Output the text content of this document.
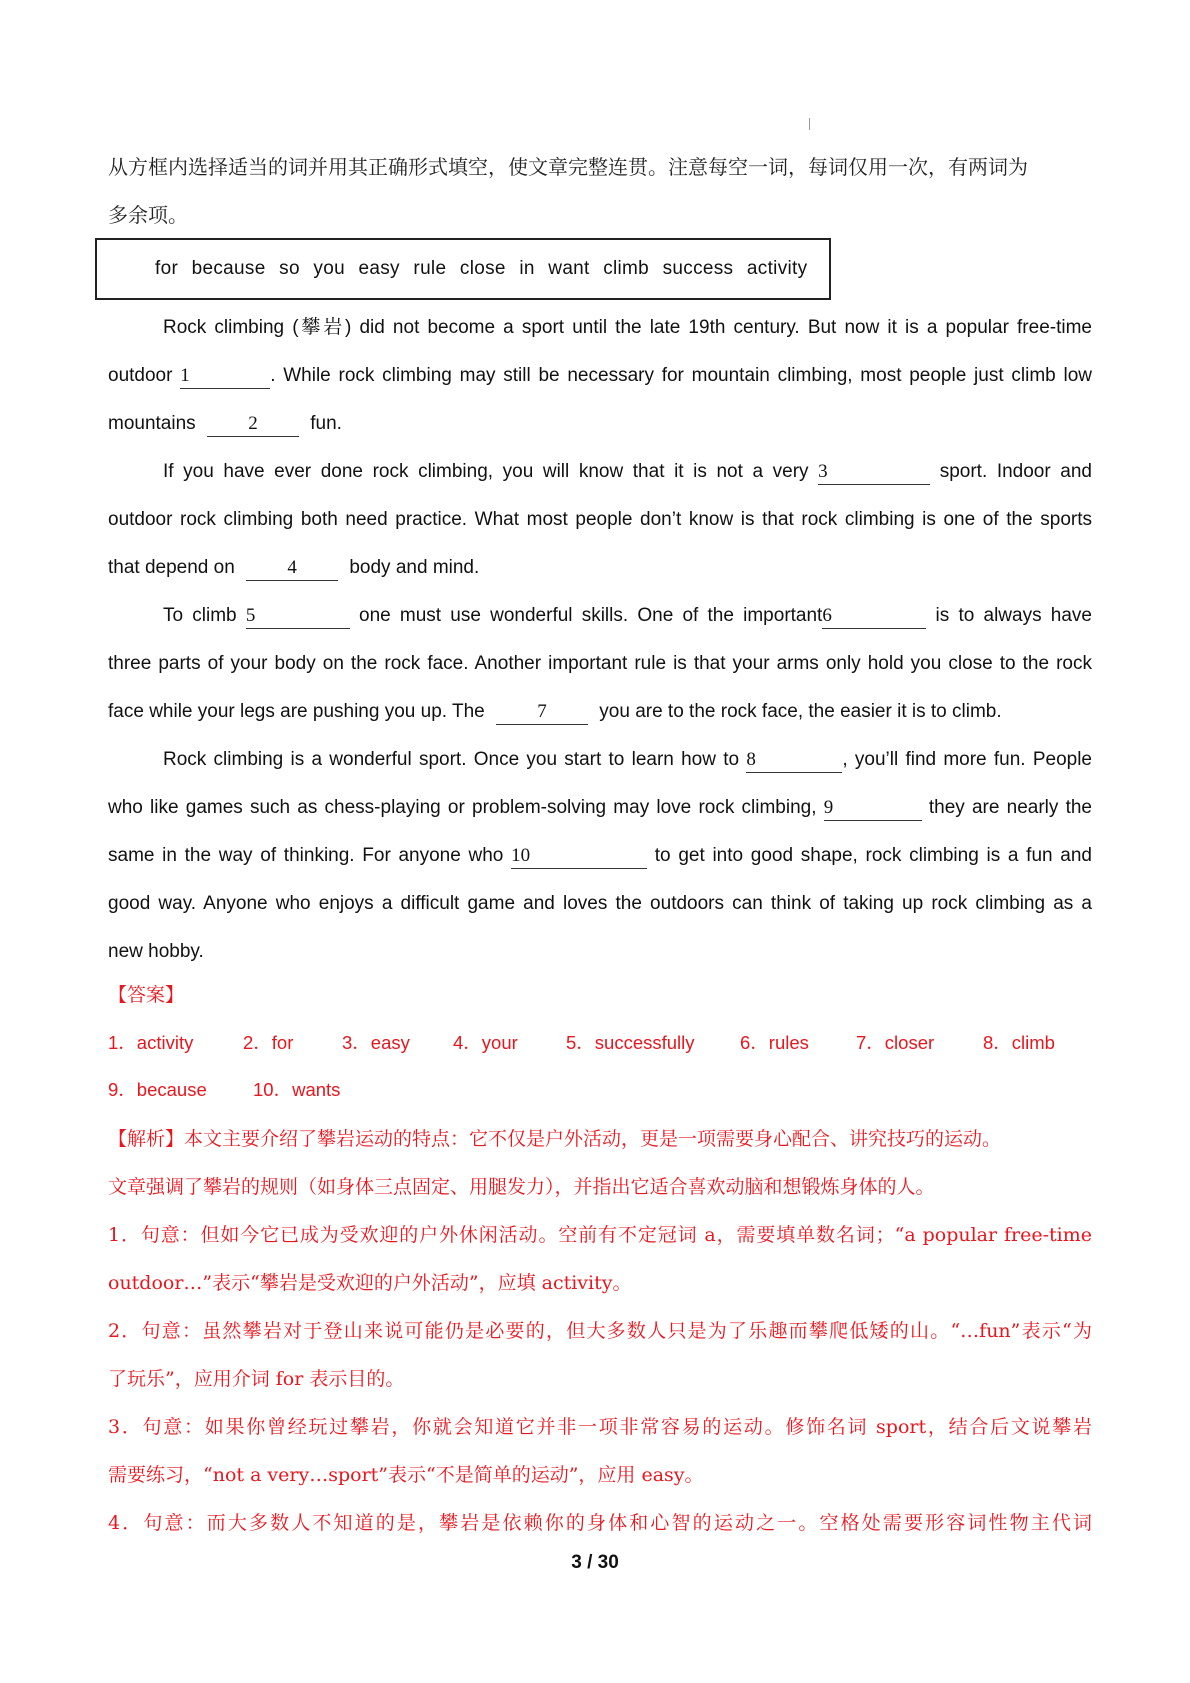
从方框内选择适当的词并用其正确形式填空，使文章完整连贯。注意每空一词，每词仅用一次，有两词为
多余项。
for because so you easy rule close in want climb success activity
Rock climbing (攀岩) did not become a sport until the late 19th century. But now it is a popular free-time
outdoor 1	. While rock climbing may still be necessary for mountain climbing, most people just climb low
mountains 2 fun.
If you have ever done rock climbing, you will know that it is not a very 3	sport. Indoor and
outdoor rock climbing both need practice. What most people don’t know is that rock climbing is one of the sports
that depend on 4 body and mind.
To climb 5	one must use wonderful skills. One of the important6	is to always have
three parts of your body on the rock face. Another important rule is that your arms only hold you close to the rock
face while your legs are pushing you up. The 7 you are to the rock face, the easier it is to climb.
Rock climbing is a wonderful sport. Once you start to learn how to 8	, you’ll find more fun. People
who like games such as chess-playing or problem-solving may love rock climbing, 9	they are nearly the
same in the way of thinking. For anyone who 10	to get into good shape, rock climbing is a fun and
good way. Anyone who enjoys a difficult game and loves the outdoors can think of taking up rock climbing as a
new hobby.
【答案】
1．activity	2．for	3．easy 4．your	5．successfully 6．rules	7．closer	8．climb
9．because	10．wants
【解析】本文主要介绍了攀岩运动的特点：它不仅是户外活动，更是一项需要身心配合、讲究技巧的运动。
文章强调了攀岩的规则（如身体三点固定、用腿发力），并指出它适合喜欢动脑和想锻炼身体的人。
1．句意：但如今它已成为受欢迎的户外休闲活动。空前有不定冠词 a，需要填单数名词；“a popular free-time
outdoor…”表示“攀岩是受欢迎的户外活动”，应填 activity。
2．句意：虽然攀岩对于登山来说可能仍是必要的，但大多数人只是为了乐趣而攀爬低矮的山。“…fun”表示“为
了玩乐”，应用介词 for 表示目的。
3．句意：如果你曾经玩过攀岩，你就会知道它并非一项非常容易的运动。修饰名词 sport，结合后文说攀岩
需要练习，“not a very…sport”表示“不是简单的运动”，应用 easy。
4．句意：而大多数人不知道的是，攀岩是依赖你的身体和心智的运动之一。空格处需要形容词性物主代词
3 / 30
